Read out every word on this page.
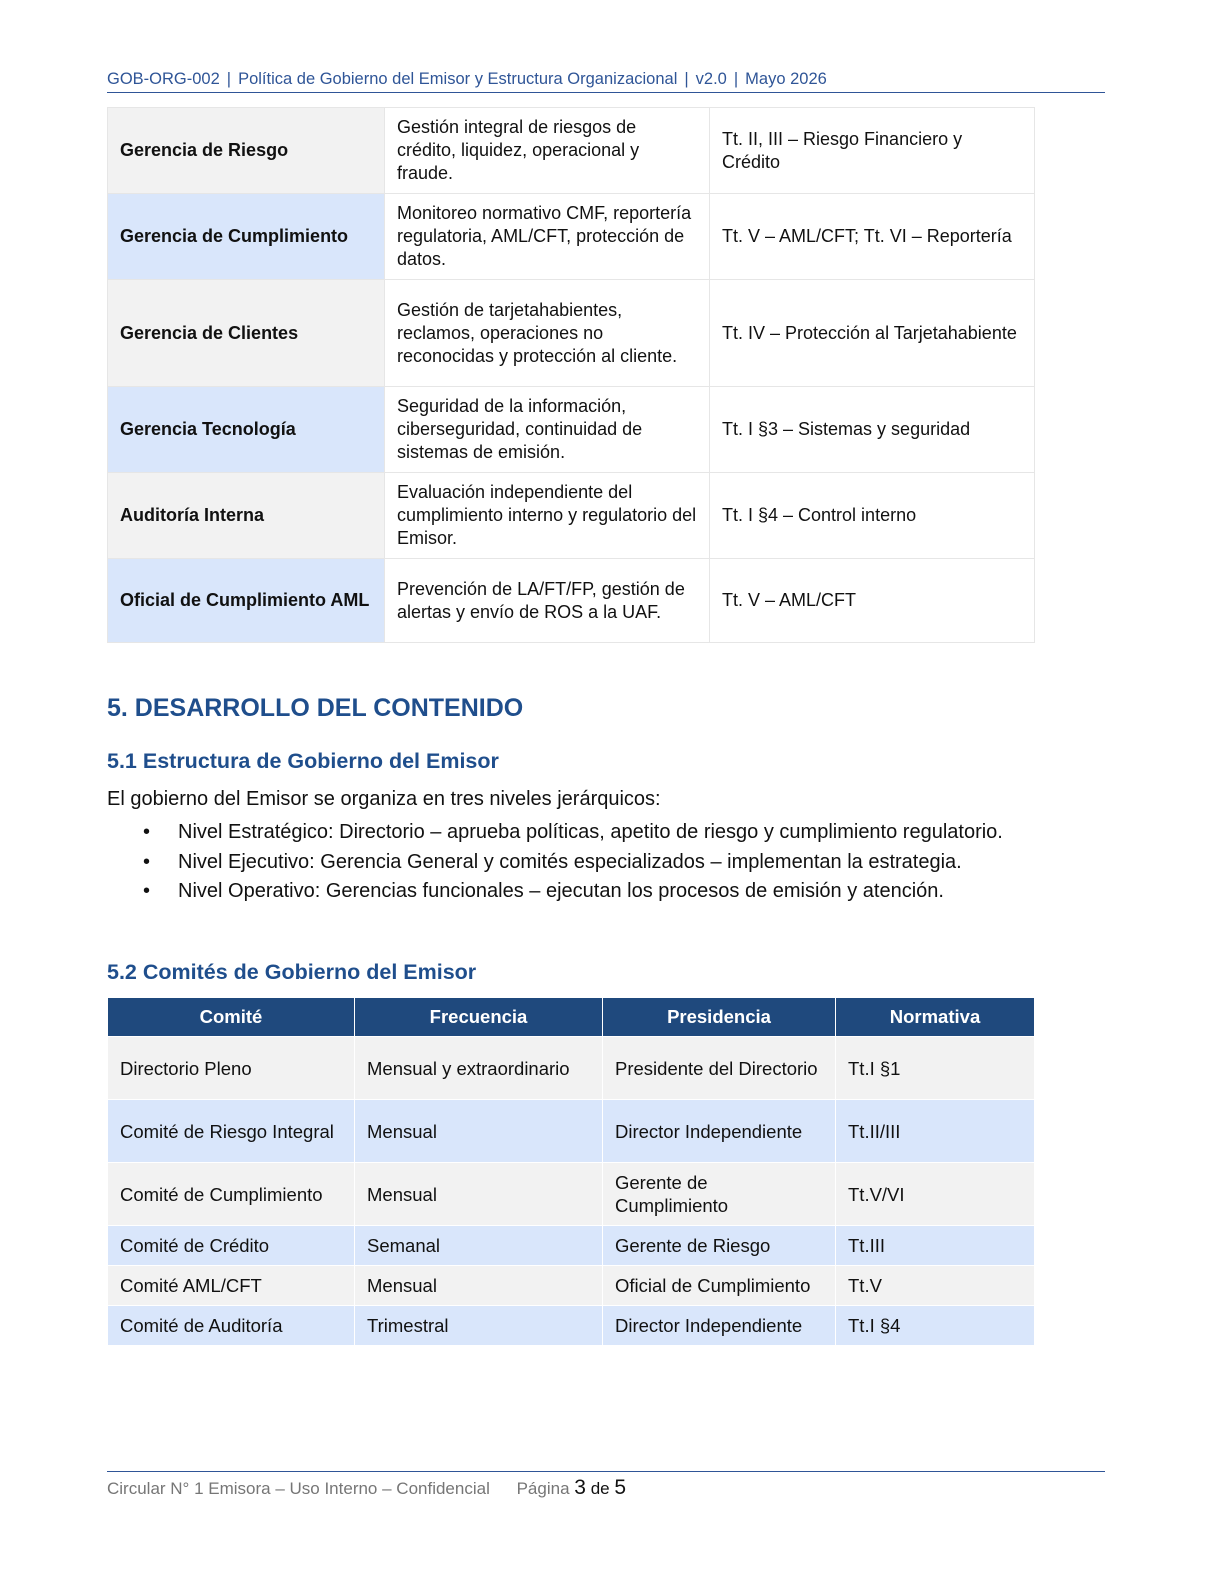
GOB-ORG-002 | Política de Gobierno del Emisor y Estructura Organizacional | v2.0 | Mayo 2026
Gerencia de Riesgo	Gestión integral de riesgos de crédito, liquidez, operacional y fraude.	Tt. II, III – Riesgo Financiero y Crédito
Gerencia de Cumplimiento	Monitoreo normativo CMF, reportería regulatoria, AML/CFT, protección de datos.	Tt. V – AML/CFT; Tt. VI – Reportería
Gerencia de Clientes	Gestión de tarjetahabientes, reclamos, operaciones no reconocidas y protección al cliente.	Tt. IV – Protección al Tarjetahabiente
Gerencia Tecnología	Seguridad de la información, ciberseguridad, continuidad de sistemas de emisión.	Tt. I §3 – Sistemas y seguridad
Auditoría Interna	Evaluación independiente del cumplimiento interno y regulatorio del Emisor.	Tt. I §4 – Control interno
Oficial de Cumplimiento AML	Prevención de LA/FT/FP, gestión de alertas y envío de ROS a la UAF.	Tt. V – AML/CFT
5. DESARROLLO DEL CONTENIDO
5.1 Estructura de Gobierno del Emisor

El gobierno del Emisor se organiza en tres niveles jerárquicos:

• Nivel Estratégico: Directorio – aprueba políticas, apetito de riesgo y cumplimiento regulatorio.
• Nivel Ejecutivo: Gerencia General y comités especializados – implementan la estrategia.
• Nivel Operativo: Gerencias funcionales – ejecutan los procesos de emisión y atención.
5.2 Comités de Gobierno del Emisor
Comité	Frecuencia	Presidencia	Normativa
Directorio Pleno	Mensual y extraordinario	Presidente del Directorio	Tt.I §1
Comité de Riesgo Integral	Mensual	Director Independiente	Tt.II/III
Comité de Cumplimiento	Mensual	Gerente de Cumplimiento	Tt.V/VI
Comité de Crédito	Semanal	Gerente de Riesgo	Tt.III
Comité AML/CFT	Mensual	Oficial de Cumplimiento	Tt.V
Comité de Auditoría	Trimestral	Director Independiente	Tt.I §4
Circular N° 1 Emisora – Uso Interno – Confidencial Página 3 de 5
